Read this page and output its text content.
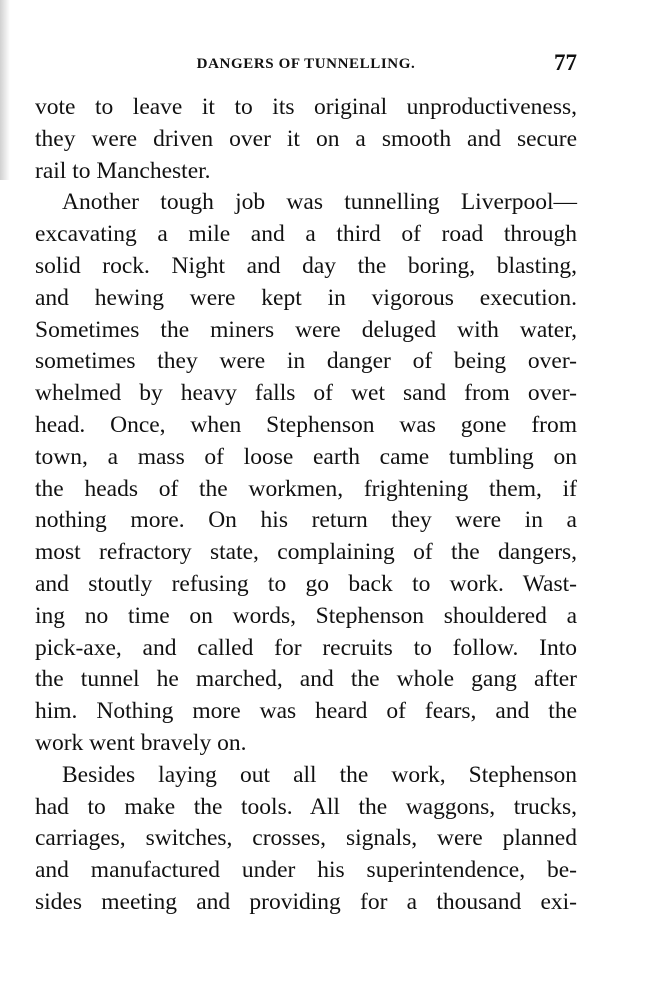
DANGERS OF TUNNELLING.	77
vote to leave it to its original unproductiveness,
they were driven over it on a smooth and secure
rail to Manchester.
Another tough job was tunnelling Liverpool—
excavating a mile and a third of road through
solid rock. Night and day the boring, blasting,
and hewing were kept in vigorous execution.
Sometimes the miners were deluged with water,
sometimes they were in danger of being over-
whelmed by heavy falls of wet sand from over-
head. Once, when Stephenson was gone from
town, a mass of loose earth came tumbling on
the heads of the workmen, frightening them, if
nothing more. On his return they were in a
most refractory state, complaining of the dangers,
and stoutly refusing to go back to work. Wast-
ing no time on words, Stephenson shouldered a
pick-axe, and called for recruits to follow. Into
the tunnel he marched, and the whole gang after
him. Nothing more was heard of fears, and the
work went bravely on.
Besides laying out all the work, Stephenson
had to make the tools. All the waggons, trucks,
carriages, switches, crosses, signals, were planned
and manufactured under his superintendence, be-
sides meeting and providing for a thousand exi-
